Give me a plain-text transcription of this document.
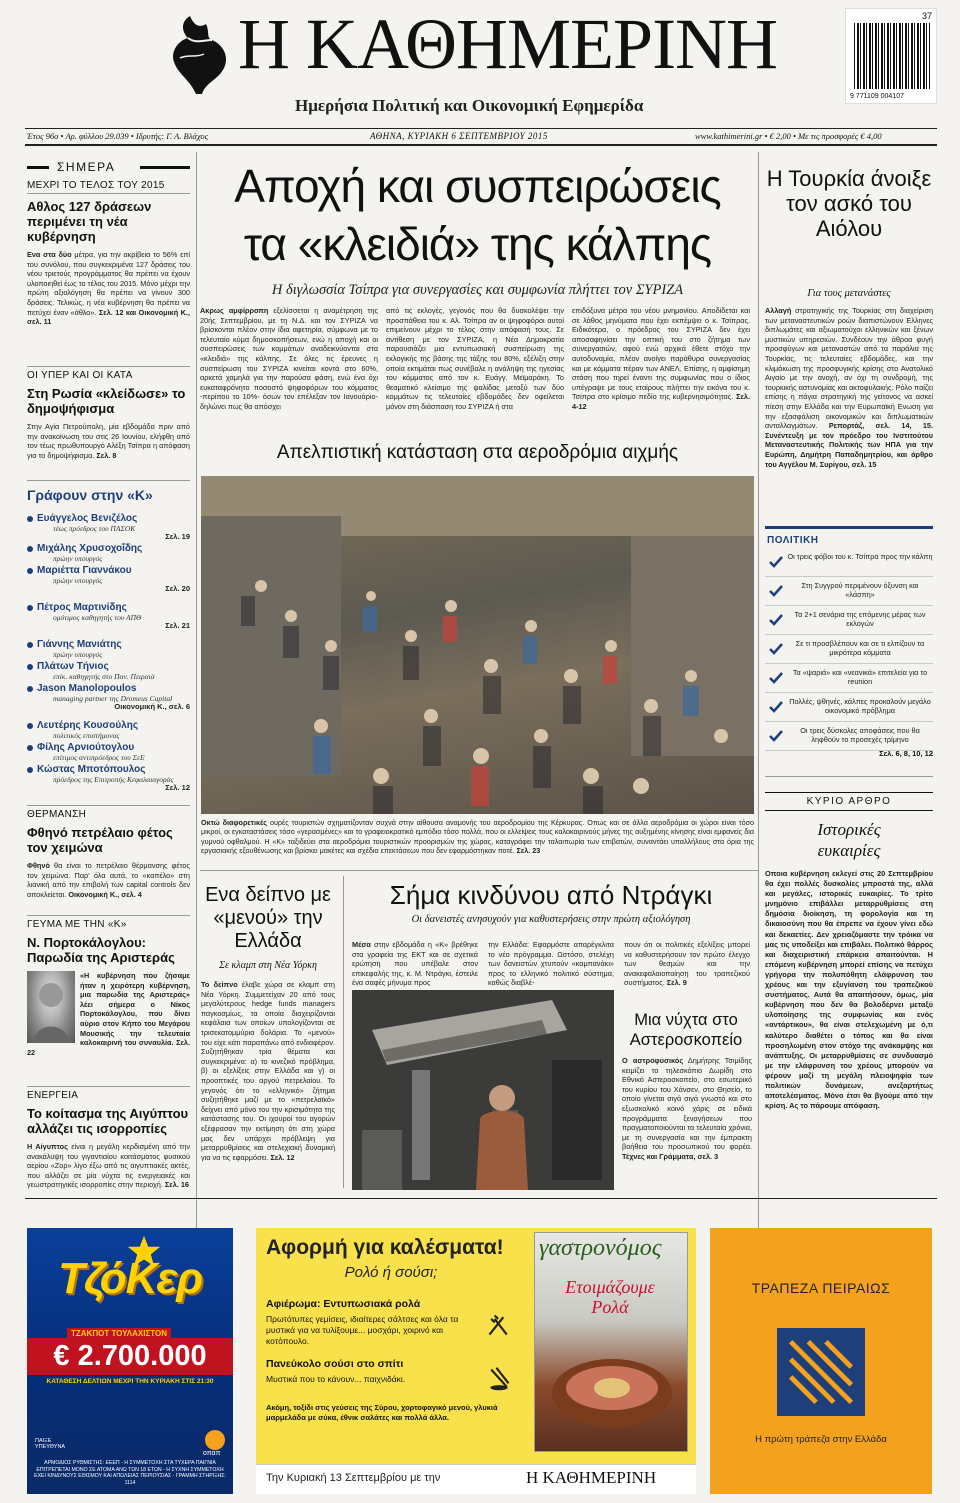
Η ΚΑΘΗΜΕΡΙΝΗ
Ημερήσια Πολιτική και Οικονομική Εφημερίδα
37
9 771109 004107
Έτος 96ο • Αρ. φύλλου 29.039 • Ιδρυτής: Γ. Α. Βλάχος	ΑΘΗΝΑ, ΚΥΡΙΑΚΗ 6 ΣΕΠΤΕΜΒΡΙΟΥ 2015	www.kathimerini.gr • € 2,00 • Με τις προσφορές € 4,00
ΣΗΜΕΡΑ
ΜΕΧΡΙ ΤΟ ΤΕΛΟΣ ΤΟΥ 2015
Αθλος 127 δράσεων περιμένει τη νέα κυβέρνηση
Ενα στα δύο μέτρα, για την ακρίβεια το 56% επί του συνόλου, που συγκεκριμένα 127 δράσεις του νέου τριετούς προγράμματος θα πρέπει να έχουν υλοποιηθεί έως το τέλος του 2015. Μόνο μέχρι την πρώτη αξιολόγηση θα πρέπει να γίνουν 300 δράσεις. Τελικώς, η νέα κυβέρνηση θα πρέπει να πετύχει έναν «άθλο». Σελ. 12 και Οικονομική Κ., σελ. 11
ΟΙ ΥΠΕΡ ΚΑΙ ΟΙ ΚΑΤΑ
Στη Ρωσία «κλείδωσε» το δημοψήφισμα
Στην Αγία Πετρούπολη, μία εβδομάδα πριν από την ανακοίνωση του στις 26 Ιουνίου, ελήφθη από τον τέως πρωθυπουργό Αλέξη Τσίπρα η απόφαση για το δημοψήφισμα. Σελ. 8
Γράφουν στην «Κ»
Ευάγγελος Βενιζέλος
τέως πρόεδρος του ΠΑΣΟΚ
Σελ. 19
Μιχάλης Χρυσοχοΐδης
πρώην υπουργός
Μαριέττα Γιαννάκου
πρώην υπουργός
Σελ. 20
Πέτρος Μαρτινίδης
ομότιμος καθηγητής του ΑΠΘ
Σελ. 21
Γιάννης Μανιάτης
πρώην υπουργός
Πλάτων Τήνιος
επίκ. καθηγητής στο Παν. Πειραιά
Jason Manolopoulos
managing partner της Dromeus Capital
Οικονομική Κ., σελ. 6
Λευτέρης Κουσούλης
πολιτικός επιστήμονας
Φίλης Αρνιούτογλου
επίτιμος αντιπρόεδρος του ΣεΕ
Κώστας Μποτόπουλος
πρόεδρος της Επιτροπής Κεφαλαιαγοράς
Σελ. 12
ΘΕΡΜΑΝΣΗ
Φθηνό πετρέλαιο φέτος τον χειμώνα
Φθηνό θα είναι το πετρέλαιο θέρμανσης φέτος τον χειμώνα. Παρ' όλα αυτά, το «καπέλο» στη λιανική από την επιβολή των capital controls δεν αποκλείεται. Οικονομική Κ., σελ. 4
ΓΕΥΜΑ ΜΕ ΤΗΝ «Κ»
Ν. Πορτοκάλογλου: Παρωδία της Αριστεράς
«Η κυβέρνηση που ζήσαμε ήταν η χειρότερη κυβέρνηση, μια παρωδία της Αριστεράς» λέει σήμερα ο Νίκος Πορτοκάλογλου, που δίνει αύριο στον Κήπο του Μεγάρου Μουσικής την τελευταία καλοκαιρινή του συναυλία. Σελ. 22
ΕΝΕΡΓΕΙΑ
Το κοίτασμα της Αιγύπτου αλλάζει τις ισορροπίες
Η Αίγυπτος είναι η μεγάλη κερδισμένη από την ανακάλυψη του γιγαντιαίου κοιτάσματος φυσικού αερίου «Ζορ» λίγο έξω από τις αιγυπτιακές ακτές, που αλλάζει σε μία νύχτα τις ενεργειακές και γεωστρατηγικές ισορροπίες στην περιοχή. Σελ. 16
Αποχή και συσπειρώσεις
τα «κλειδιά» της κάλπης
Η διγλωσσία Τσίπρα για συνεργασίες και συμφωνία πλήττει τον ΣΥΡΙΖΑ
Ακρως αμφίρροπη εξελίσσεται η αναμέτρηση της 20ής Σεπτεμβρίου, με τη Ν.Δ. και τον ΣΥΡΙΖΑ να βρίσκονται πλέον στην ίδια αφετηρία, σύμφωνα με το τελευταίο κύμα δημοσκοπήσεων, ενώ η αποχή και οι συσπειρώσεις των κομμάτων αναδεικνύονται στα «κλειδιά» της κάλπης. Σε όλες τις έρευνες η συσπείρωση του ΣΥΡΙΖΑ κινείται κοντά στο 60%, αρκετά χαμηλά για την παρούσα φάση, ενώ ένα όχι ευκαταφρόνητο ποσοστό ψηφοφόρων του κόμματος -περίπου το 10%- όσων τον επέλεξαν τον Ιανουάριο- δηλώνει πως θα απόσχει
από τις εκλογές, γεγονός που θα δυσκολέψει την προσπάθεια του κ. Αλ. Τσίπρα αν οι ψηφοφόροι αυτοί επιμείνουν μέχρι το τέλος στην απόφασή τους. Σε αντίθεση με τον ΣΥΡΙΖΑ, η Νέα Δημοκρατία παρουσιάζει μια εντυπωσιακή συσπείρωση της εκλογικής της βάσης της τάξης του 80%, εξέλιξη στην οποία εκτιμάται πως συνέβαλε η ανάληψη της ηγεσίας του κόμματος από τον κ. Ευάγγ. Μεϊμαράκη. Το θεαματικό κλείσιμο της ψαλίδας μεταξύ των δύο κομμάτων τις τελευταίες εβδομάδες δεν οφείλεται μόνον στη διάσπαση του ΣΥΡΙΖΑ ή στα
επιδόξυνα μέτρα του νέου μνημονίου. Αποδίδεται και σε λάθος μηνύματα που έχει εκπέμψει ο κ. Τσίπρας. Ειδικότερα, ο πρόεδρος του ΣΥΡΙΖΑ δεν έχει αποσαφηνίσει την οπτική του στο ζήτημα των συνεργασιών, αφού ενώ αρχικά έθετε στόχο την αυτοδυναμία, πλέον ανοίγει παράθυρα συνεργασίας και με κόμματα πέραν των ΑΝΕΛ. Επίσης, η αμφίσημη στάση που τηρεί έναντι της συμφωνίας που ο ίδιος υπέγραψε με τους εταίρους πλήττει την εικόνα του κ. Τσίπρα στο κρίσιμο πεδίο της κυβερνησιμότητας. Σελ. 4-12
Απελπιστική κατάσταση στα αεροδρόμια αιχμής
Οκτώ διαφορετικές ουρές τουριστών σχηματίζονταν συχνά στην αίθουσα αναμονής του αεροδρομίου της Κέρκυρας. Οπως και σε άλλα αεροδρόμια οι χώροι είναι τόσο μικροί, οι εγκαταστάσεις τόσο «γερασμένες» και το γραφειοκρατικό εμπόδιο τόσο πολλά, που οι ελλείψεις τους καλοκαιρινούς μήνες της αυξημένης κίνησης είναι εμφανείς δια γυμνού οφθαλμού. Η «Κ» ταξιδεύει στα αεροδρόμια τουριστικών προορισμών της χώρας, καταγράφει την ταλαιπωρία των επιβατών, συναντάει υπαλλήλους στα όρια της εργασιακής εξουθένωσης και βρίσκει μακέτες και σχέδια επεκτάσεων που δεν εφαρμόστηκαν ποτέ. Σελ. 23
Ενα δείπνο με «μενού» την Ελλάδα
Σε κλαμπ στη Νέα Υόρκη
Το δείπνο έλαβε χώρα σε κλαμπ στη Νέα Υόρκη. Συμμετείχαν 20 από τους μεγαλύτερους hedge funds managers παγκοσμίως, τα οποία διαχειρίζονται κεφάλαια των οποίων υπολογίζονται σε τρισεκατομμύρια δολάρια. Το «μενού» του είχε κάτι παραπάνω από ενδιαφέρον. Συζητήθηκαν τρία θέματα και συγκεκριμένα: α) το κινεζικό πρόβλημα, β) οι εξελίξεις στην Ελλάδα και γ) οι προοπτικές του αργού πετρελαίου. Το γεγονός ότι το «ελληνικό» ζήτημα συζητήθηκε μαζί με το «πετρελαϊκό» δείχνει από μόνο του την κρισιμότητα της κατάστασης του. Οι ιχουροί του αγορών εξέφρασαν την εκτίμηση ότι στη χώρα μας δεν υπάρχει πρόβλεψη για μεταρρυθμίσεις και στελεχιακή δυναμική για να τις εφαρμόσει. Σελ. 12
Σήμα κινδύνου από Ντράγκι
Οι δανειστές ανησυχούν για καθυστερήσεις στην πρώτη αξιολόγηση
Μέσα στην εβδομάδα η «Κ» βρέθηκε στα γραφεία της ΕΚΤ και σε σχετικά ερώτηση που υπέβαλε στον επικεφαλής της, κ. Μ. Ντράγκι, έστειλε ένα σαφές μήνυμα προς
την Ελλάδα: Εφαρμόστε απαρέγκλιτα το νέο πρόγραμμα. Ωστόσο, στελέχη των δανειστών χτυπούν «καμπανάκι» προς το ελληνικό πολιτικό σύστημα, καθώς διαβλέ-
πουν ότι οι πολιτικές εξελίξεις μπορεί να καθυστερήσουν τον πρώτο έλεγχο των θεσμών και την ανακεφαλαιοποίηση του τραπεζικού συστήματος. Σελ. 9
Μια νύχτα στο Αστεροσκοπείο
Ο αστροφυσικός Δημήτρης Τσιμίδης κειμίζει το τηλεσκόπιο Δωρίδη στο Εθνικό Αστεροσκοπείο, στο εσωτερικό του κυρίου του Χάνσεν, στο Θησείο, το οποίο γίνεται σιγά σιγά γνωστό και στο εξωσκολικό κοινό χάρις σε ειδικά προγράμματα ξεναγήσεων που πραγματοποιούνται τα τελευταία χρόνια, με τη συνεργασία και την έμπρακτη βοήθεια του προσωπικού του φορέα. Τέχνες και Γράμματα, σελ. 3
Η Τουρκία άνοιξε τον ασκό του Αιόλου
Για τους μετανάστες
Αλλαγή στρατηγικής της Τουρκίας στη διαχείριση των μεταναστευτικών ροών διαπιστώνουν Ελληνες διπλωμάτες και αξιωματούχοι ελληνικών και ξένων μυστικών υπηρεσιών. Συνδέουν την άθροα φυγή προσφύγων και μεταναστών από τα παράλια της Τουρκίας, τις τελευταίες εβδομάδες, και την κλιμάκωση της προσφυγικής κρίσης στο Ανατολικό Αιγαίο με την ανοχή, αν όχι τη συνδρομή, της τουρκικής αστυνομίας και ακτοφυλακής. Ρόλο παίζει επίσης η πάγια στρατηγική της γείτονος να ασκεί πίεση στην Ελλάδα και την Ευρωπαϊκή Ενωση για την εξασφάλιση οικονομικών και διπλωματικών ανταλλαγμάτων. Ρεπορτάζ, σελ. 14, 15. Συνέντευξη με τον πρόεδρο του Ινστιτούτου Μεταναστευτικής Πολιτικής των ΗΠΑ για την Ευρώπη, Δημήτρη Παπαδημητρίου, και άρθρο του Αγγέλου Μ. Συρίγου, σελ. 15
ΠΟΛΙΤΙΚΗ
Οι τρεις φόβοι του κ. Τσίπρα προς την κάλπη
Στη Συγγρού περιμένουν όξυνση και «λάσπη»
Τα 2+1 σενάρια της επόμενης μέρας των εκλογών
Σε τι προσβλέπουν και σε τι ελπίζουν τα μικρότερα κόμματα
Τα «ψαριά» και «νεανικά» επιτελεία για το reunion
Πολλές, ψθηνές, κάλπες προκαλούν μεγάλο οικονομικό πρόβλημα
Οι τρεις δύσκολες αποφάσεις που θα ληφθούν το προσεχές τρίμηνο
Σελ. 6, 8, 10, 12
ΚΥΡΙΟ ΑΡΘΡΟ
Ιστορικές ευκαιρίες
Οποια κυβέρνηση εκλεγεί στις 20 Σεπτεμβρίου θα έχει πολλές δυσκολίες μπροστά της, αλλά και μεγάλες, ιστορικές ευκαιρίες. Το τρίτο μνημόνιο επιβάλλει μεταρρυθμίσεις στη δημόσια διοίκηση, τη φορολογία και τη δικαιοσύνη που θα έπρεπε να έχουν γίνει εδώ και δεκαετίες. Δεν χρειαζόμαστε την τρόικα να μας τις υποδείξει και επιβάλει. Πολιτικό θάρρος και διαχειριστική επάρκεια απαιτούνται. Η επόμενη κυβέρνηση μπορεί επίσης να πετύχει γρήγορα την πολυπόθητη ελάφρυνση του χρέους και την εξυγίανση του τραπεζικού συστήματος. Αυτά θα απαιτήσουν, όμως, μία κυβέρνηση που δεν θα βολοδέρνει μεταξύ υλοποίησης της συμφωνίας και ενός «αντάρτικου», θα είναι στελεχωμένη με ό,τι καλύτερο διαθέτει ο τόπος και θα είναι προσηλωμένη στον στόχο της ανάκαμψης και ανάπτυξης. Οι μεταρρυθμίσεις σε συνδυασμό με την ελάφρυνση του χρέους μπορούν να φέρουν μαζί τη μεγάλη πλειοψηφία των πολιτικών δυνάμεων, ανεξαρτήτως αποτελέσματος. Μόνο έτσι θα βγούμε από την κρίση. Ας το πάρουμε απόφαση.
ΤζόΚερ
ΤΖΑΚΠΟΤ ΤΟΥΛΑΧΙΣΤΟΝ
€ 2.700.000
ΚΑΤΑΘΕΣΗ ΔΕΛΤΙΩΝ ΜΕΧΡΙ ΤΗΝ ΚΥΡΙΑΚΗ ΣΤΙΣ 21:30
ΠΑΙΞΕ ΥΠΕΥΘΥΝΑ
οπαπ
ΑΡΜΟΔΙΟΣ ΡΥΘΜΙΣΤΗΣ: ΕΕΕΠ - Η ΣΥΜΜΕΤΟΧΗ ΣΤΑ ΤΥΧΕΡΑ ΠΑΙΓΝΙΑ ΕΠΙΤΡΕΠΕΤΑΙ ΜΟΝΟ ΣΕ ΑΤΟΜΑ ΑΝΩ ΤΩΝ 18 ΕΤΩΝ - Η ΣΥΧΝΗ ΣΥΜΜΕΤΟΧΗ ΕΧΕΙ ΚΙΝΔΥΝΟΥΣ ΕΘΙΣΜΟΥ ΚΑΙ ΑΠΩΛΕΙΑΣ ΠΕΡΙΟΥΣΙΑΣ - ΓΡΑΜΜΗ ΣΤΗΡΙΞΗΣ: 1114
Αφορμή για καλέσματα!
Ρολό ή σούσι;
Αφιέρωμα: Εντυπωσιακά ρολά
Πρωτότυπες γεμίσεις, ιδιαίτερες σάλτσες και όλα τα μυστικά για να τυλίξουμε... μοσχάρι, χοιρινό και κοτόπουλο.
Πανεύκολο σούσι στο σπίτι
Μυστικά που το κάνουν... παιχνιδάκι.
Ακόμη, τοξίδι στις γεύσεις της Σύρου, χορτοφαγικό μενού, γλυκιά μαρμελάδα με σύκα, έθνικ σαλάτες και πολλά άλλα.
γαστρονόμος
Ετοιμάζουμε Ρολά
Την Κυριακή 13 Σεπτεμβρίου με την	Η ΚΑΘΗΜΕΡΙΝΗ
ΤΡΑΠΕΖΑ ΠΕΙΡΑΙΩΣ
Η πρώτη τράπεζα στην Ελλάδα
